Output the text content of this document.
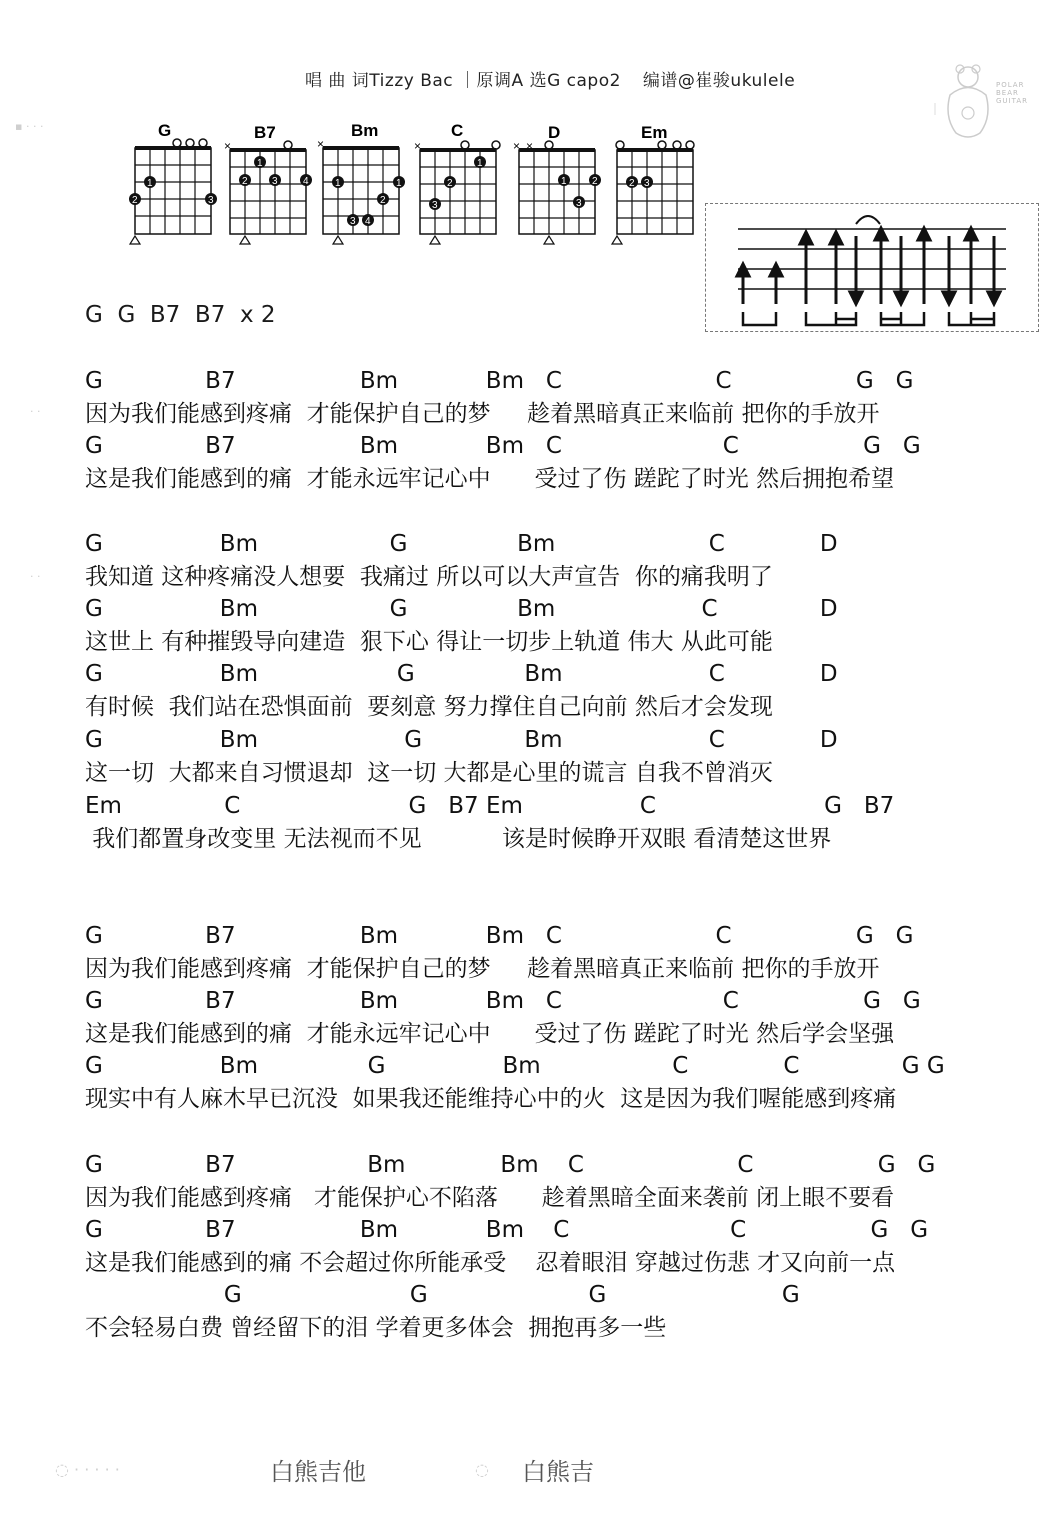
唱 曲 词Tizzy Bac ｜原调A 选G capo2 编谱@崔骏ukulele	POLAR BEAR GUITAR
▪ · · ·
· ·
· ·
G
1
2	3
B7
×
1
2 3	4
Bm
×
1	1
2
3 4
C
×
1
2
3
D
× ×
1	2
3
Em
2 3
G  G  B7  B7  x 2
G              B7                 Bm            Bm   C                     C                 G   G
因为我们能感到疼痛  才能保护自己的梦     趁着黑暗真正来临前 把你的手放开
G              B7                 Bm            Bm   C                      C                 G   G
这是我们能感到的痛  才能永远牢记心中      受过了伤 蹉跎了时光 然后拥抱希望
G                Bm                  G               Bm                     C             D
我知道 这种疼痛没人想要  我痛过 所以可以大声宣告  你的痛我明了
G                Bm                  G               Bm                    C              D
这世上 有种摧毁导向建造  狠下心 得让一切步上轨道 伟大 从此可能
G                Bm                   G               Bm                    C             D
有时候  我们站在恐惧面前  要刻意 努力撑住自己向前 然后才会发现
G                Bm                    G              Bm                    C             D
这一切  大都来自习惯退却  这一切 大都是心里的谎言 自我不曾消灭
Em              C                       G   B7 Em                C                       G   B7
我们都置身改变里 无法视而不见           该是时候睁开双眼 看清楚这世界
G              B7                 Bm            Bm   C                     C                 G   G
因为我们能感到疼痛  才能保护自己的梦     趁着黑暗真正来临前 把你的手放开
G              B7                 Bm            Bm   C                      C                 G   G
这是我们能感到的痛  才能永远牢记心中      受过了伤 蹉跎了时光 然后学会坚强
G                Bm               G                Bm                  C             C              G G
现实中有人麻木早已沉没  如果我还能维持心中的火  这是因为我们喔能感到疼痛
G              B7                  Bm             Bm    C                     C                 G   G
因为我们能感到疼痛   才能保护心不陷落      趁着黑暗全面来袭前 闭上眼不要看
G              B7                 Bm            Bm    C                      C                 G   G
这是我们能感到的痛 不会超过你所能承受    忍着眼泪 穿越过伤悲 才又向前一点
G                       G                      G                        G
不会轻易白费 曾经留下的泪 学着更多体会  拥抱再多一些
白熊吉他	白熊吉
◌ · · · · ·	◌
